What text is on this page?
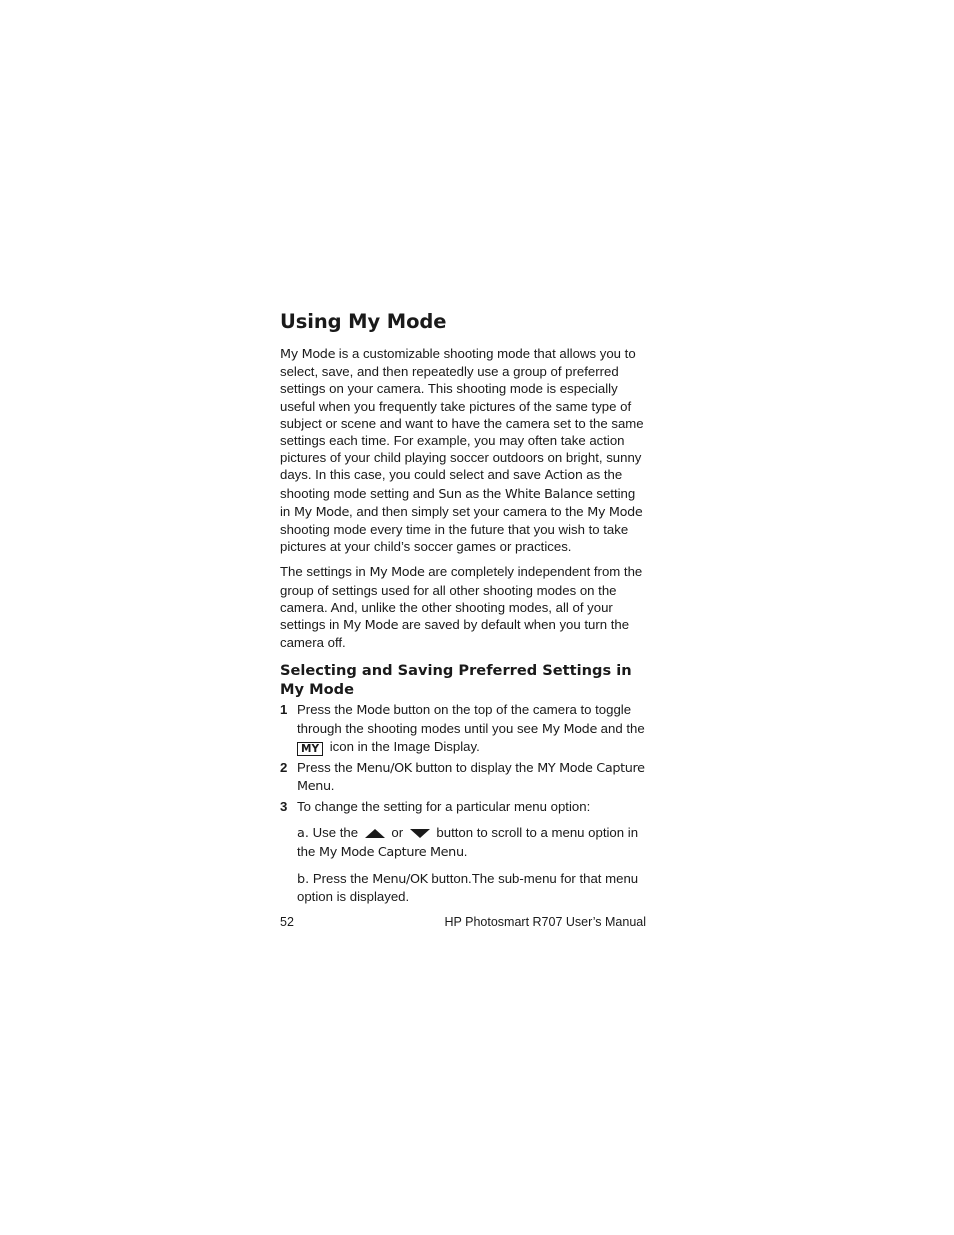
Using My Mode

My Mode is a customizable shooting mode that allows you to select, save, and then repeatedly use a group of preferred settings on your camera. This shooting mode is especially useful when you frequently take pictures of the same type of subject or scene and want to have the camera set to the same settings each time. For example, you may often take action pictures of your child playing soccer outdoors on bright, sunny days. In this case, you could select and save Action as the shooting mode setting and Sun as the White Balance setting in My Mode, and then simply set your camera to the My Mode shooting mode every time in the future that you wish to take pictures at your child’s soccer games or practices.

The settings in My Mode are completely independent from the group of settings used for all other shooting modes on the camera. And, unlike the other shooting modes, all of your settings in My Mode are saved by default when you turn the camera off.

Selecting and Saving Preferred Settings in My Mode
1 Press the Mode button on the top of the camera to toggle through the shooting modes until you see My Mode and the
MY icon in the Image Display.
2 Press the Menu/OK button to display the MY Mode Capture Menu.
3 To change the setting for a particular menu option:
a. Use the  or  button to scroll to a menu option in the My Mode Capture Menu.
b. Press the Menu/OK button.The sub-menu for that menu option is displayed.
52	HP Photosmart R707 User’s Manual
